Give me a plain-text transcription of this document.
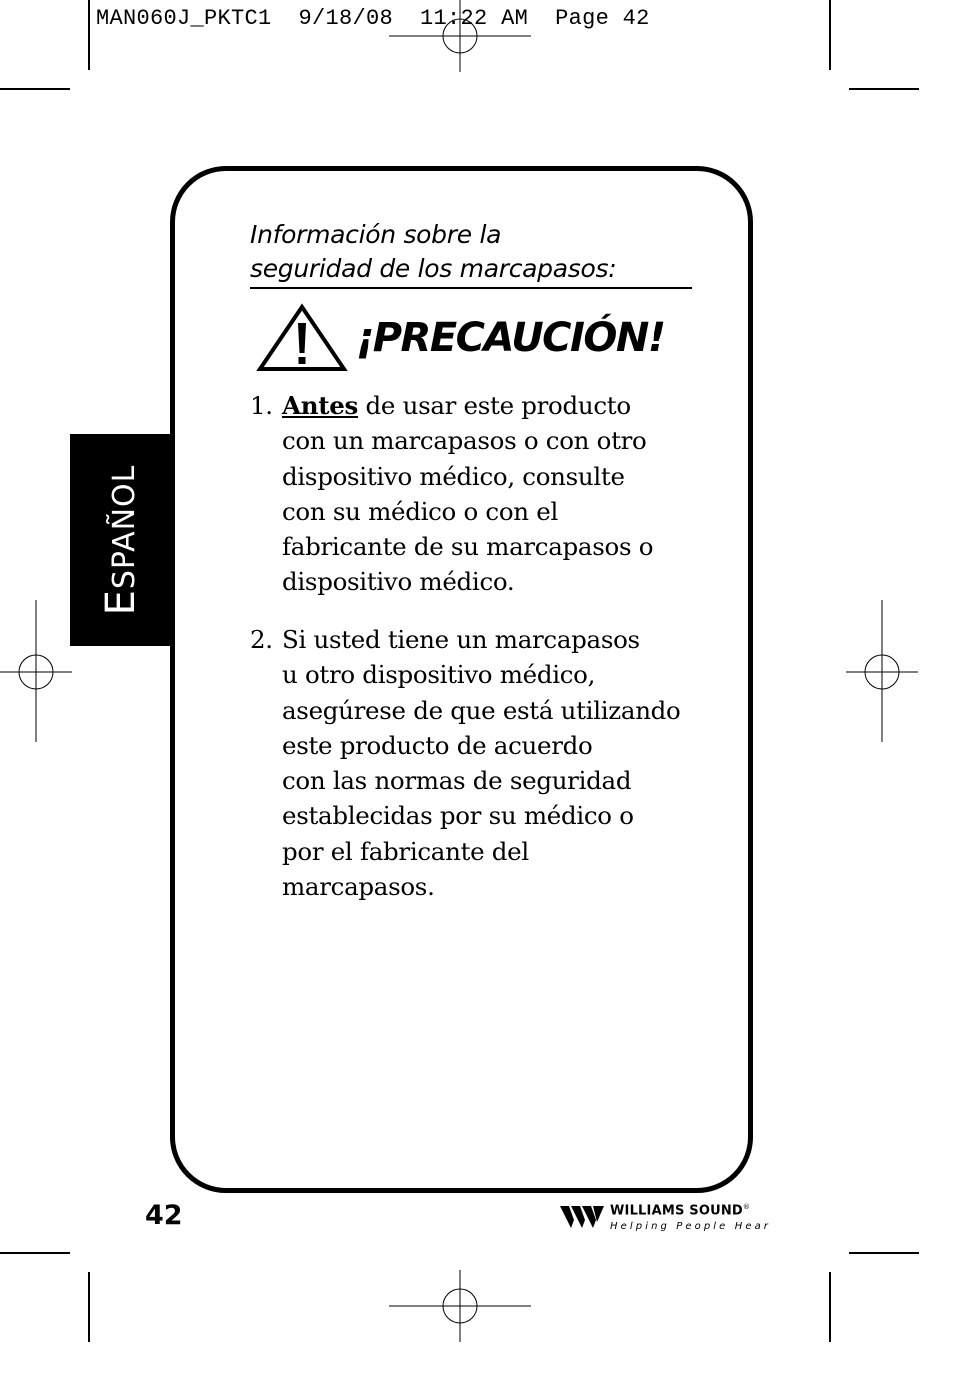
MAN060J_PKTC1  9/18/08  11:22 AM  Page 42
ESPAÑOL
Información sobre la
seguridad de los marcapasos:
¡PRECAUCIÓN!
1. Antes de usar este producto
con un marcapasos o con otro
dispositivo médico, consulte
con su médico o con el
fabricante de su marcapasos o
dispositivo médico.
2. Si usted tiene un marcapasos
u otro dispositivo médico,
asegúrese de que está utilizando
este producto de acuerdo
con las normas de seguridad
establecidas por su médico o
por el fabricante del
marcapasos.
42	WILLIAMS SOUND®
Helping People Hear
